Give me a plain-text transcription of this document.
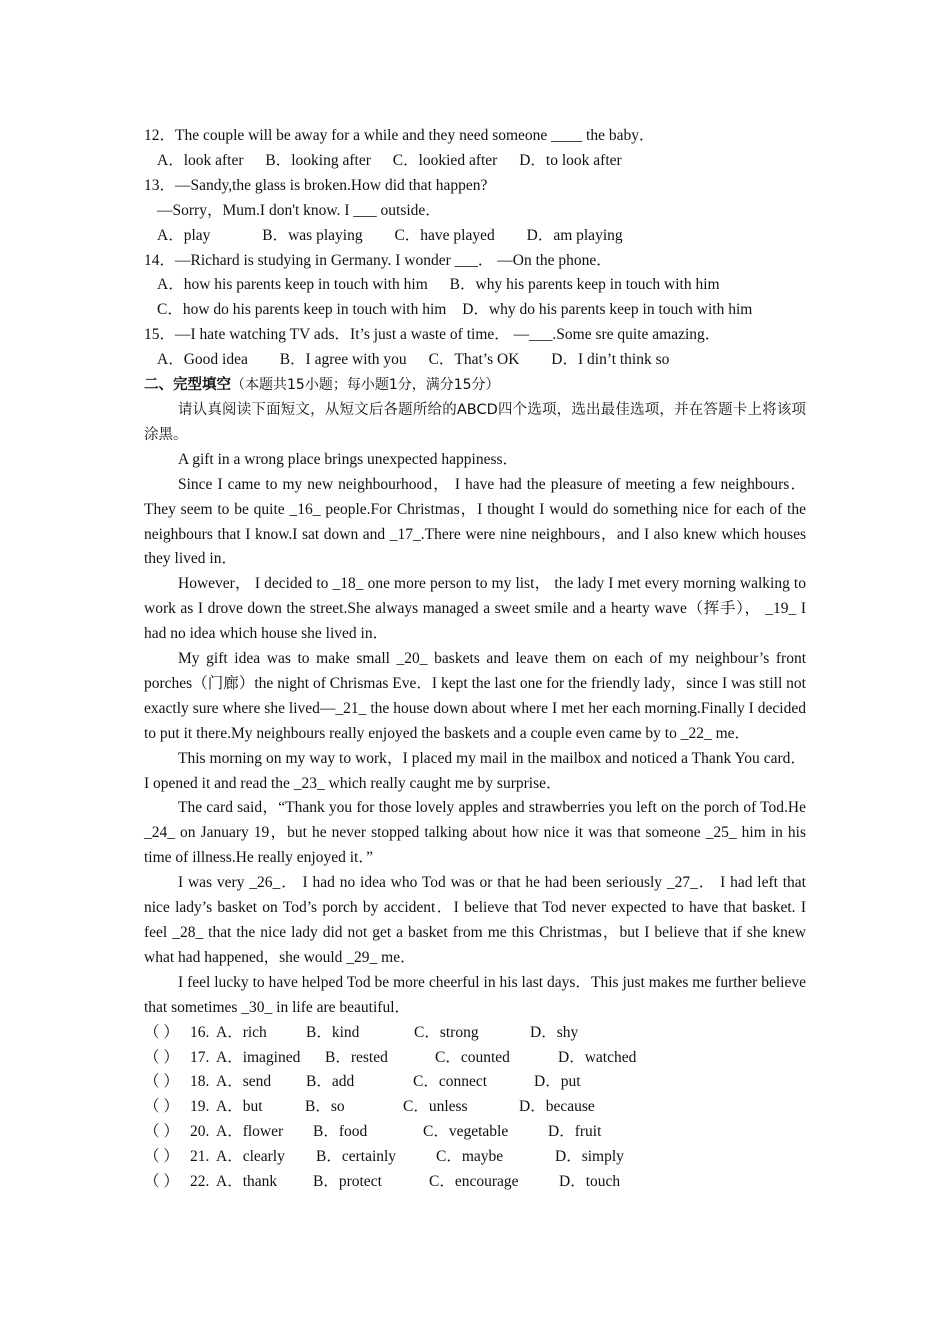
12．The couple will be away for a while and they need someone ____ the baby．
A．look after B．looking after C．lookied after D．to look after
13．—Sandy,the glass is broken.How did that happen?
—Sorry，Mum.I don't know. I ___ outside．
A．play	B．was playing C．have played D．am playing
14．—Richard is studying in Germany. I wonder ___． —On the phone．
A．how his parents keep in touch with him B．why his parents keep in touch with him
C．how do his parents keep in touch with him D．why do his parents keep in touch with him
15．—I hate watching TV ads．It’s just a waste of time． —___.Some sre quite amazing．
A．Good idea B．I agree with you C．That’s OK D．I din’t think so
二、完型填空（本题共15小题；每小题1分，满分15分）
请认真阅读下面短文，从短文后各题所给的ABCD四个选项，选出最佳选项，并在答题卡上将该项涂黑。
A gift in a wrong place brings unexpected happiness．
Since I came to my new neighbourhood， I have had the pleasure of meeting a few neighbours．They seem to be quite _16_ people.For Christmas，I thought I would do something nice for each of the neighbours that I know.I sat down and _17_.There were nine neighbours，and I also knew which houses they lived in．
However， I decided to _18_ one more person to my list， the lady I met every morning walking to work as I drove down the street.She always managed a sweet smile and a hearty wave（挥手）， _19_ I had no idea which house she lived in．
My gift idea was to make small _20_ baskets and leave them on each of my neighbour’s front porches（门廊）the night of Chrismas Eve．I kept the last one for the friendly lady，since I was still not exactly sure where she lived—_21_ the house down about where I met her each morning.Finally I decided to put it there.My neighbours really enjoyed the baskets and a couple even came by to _22_ me．
This morning on my way to work，I placed my mail in the mailbox and noticed a Thank You card．I opened it and read the _23_ which really caught me by surprise．
The card said，“Thank you for those lovely apples and strawberries you left on the porch of Tod.He _24_ on January 19，but he never stopped talking about how nice it was that someone _25_ him in his time of illness.He really enjoyed it．”
I was very _26_． I had no idea who Tod was or that he had been seriously _27_． I had left that nice lady’s basket on Tod’s porch by accident．I believe that Tod never expected to have that basket. I feel _28_ that the nice lady did not get a basket from me this Christmas，but I believe that if she knew what had happened，she would _29_ me．
I feel lucky to have helped Tod be more cheerful in his last days．This just makes me further believe that sometimes _30_ in life are beautiful．
（ ） 16. A．rich	B．kind	C．strong	D．shy
（ ） 17. A．imagined	B．rested	C．counted	D．watched
（ ） 18. A．send	B．add	C．connect	D．put
（ ） 19. A．but	B．so	C．unless	D．because
（ ） 20. A．flower	B．food	C．vegetable	D．fruit
（ ） 21. A．clearly	B．certainly	C．maybe	D．simply
（ ） 22. A．thank	B．protect	C．encourage	D．touch
